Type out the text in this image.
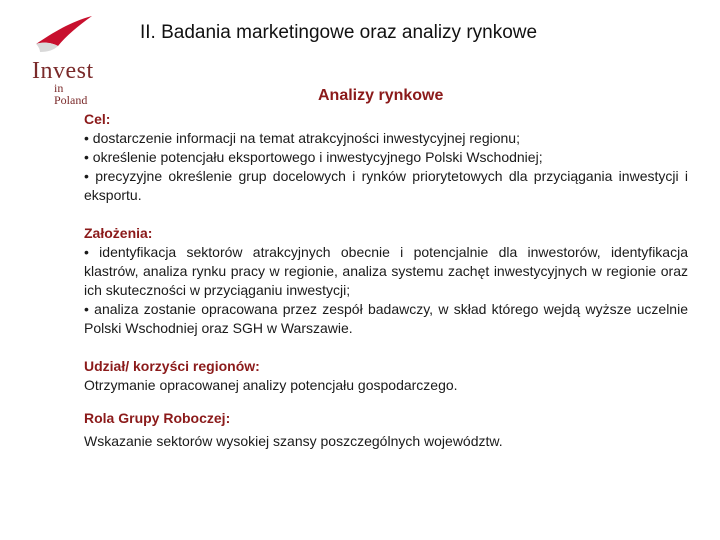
Invest
in Poland
II. Badania marketingowe oraz analizy rynkowe
Analizy rynkowe

Cel:

• dostarczenie informacji na temat atrakcyjności inwestycyjnej regionu;

• określenie potencjału eksportowego i inwestycyjnego Polski Wschodniej;

• precyzyjne określenie grup docelowych i rynków priorytetowych dla przyciągania inwestycji i eksportu.

Założenia:

• identyfikacja sektorów atrakcyjnych obecnie i potencjalnie dla inwestorów, identyfikacja klastrów, analiza rynku pracy w regionie, analiza systemu zachęt inwestycyjnych w regionie oraz ich skuteczności w przyciąganiu inwestycji;

• analiza zostanie opracowana przez zespół badawczy, w skład którego wejdą wyższe uczelnie Polski Wschodniej oraz SGH w Warszawie.

Udział/ korzyści regionów:

Otrzymanie opracowanej analizy potencjału gospodarczego.

Rola Grupy Roboczej:

Wskazanie sektorów wysokiej szansy poszczególnych województw.
